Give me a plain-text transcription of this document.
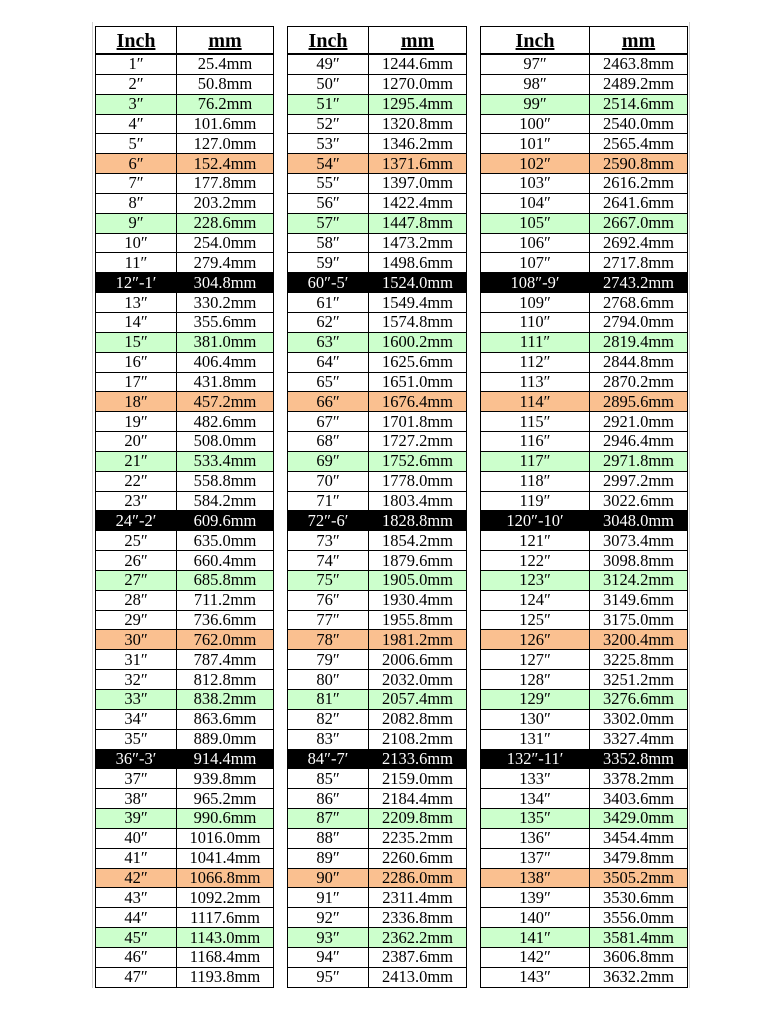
Inch	mm
1″	25.4mm
2″	50.8mm
3″	76.2mm
4″	101.6mm
5″	127.0mm
6″	152.4mm
7″	177.8mm
8″	203.2mm
9″	228.6mm
10″	254.0mm
11″	279.4mm
12″-1′	304.8mm
13″	330.2mm
14″	355.6mm
15″	381.0mm
16″	406.4mm
17″	431.8mm
18″	457.2mm
19″	482.6mm
20″	508.0mm
21″	533.4mm
22″	558.8mm
23″	584.2mm
24″-2′	609.6mm
25″	635.0mm
26″	660.4mm
27″	685.8mm
28″	711.2mm
29″	736.6mm
30″	762.0mm
31″	787.4mm
32″	812.8mm
33″	838.2mm
34″	863.6mm
35″	889.0mm
36″-3′	914.4mm
37″	939.8mm
38″	965.2mm
39″	990.6mm
40″	1016.0mm
41″	1041.4mm
42″	1066.8mm
43″	1092.2mm
44″	1117.6mm
45″	1143.0mm
46″	1168.4mm
47″	1193.8mm
Inch	mm
49″	1244.6mm
50″	1270.0mm
51″	1295.4mm
52″	1320.8mm
53″	1346.2mm
54″	1371.6mm
55″	1397.0mm
56″	1422.4mm
57″	1447.8mm
58″	1473.2mm
59″	1498.6mm
60″-5′	1524.0mm
61″	1549.4mm
62″	1574.8mm
63″	1600.2mm
64″	1625.6mm
65″	1651.0mm
66″	1676.4mm
67″	1701.8mm
68″	1727.2mm
69″	1752.6mm
70″	1778.0mm
71″	1803.4mm
72″-6′	1828.8mm
73″	1854.2mm
74″	1879.6mm
75″	1905.0mm
76″	1930.4mm
77″	1955.8mm
78″	1981.2mm
79″	2006.6mm
80″	2032.0mm
81″	2057.4mm
82″	2082.8mm
83″	2108.2mm
84″-7′	2133.6mm
85″	2159.0mm
86″	2184.4mm
87″	2209.8mm
88″	2235.2mm
89″	2260.6mm
90″	2286.0mm
91″	2311.4mm
92″	2336.8mm
93″	2362.2mm
94″	2387.6mm
95″	2413.0mm
Inch	mm
97″	2463.8mm
98″	2489.2mm
99″	2514.6mm
100″	2540.0mm
101″	2565.4mm
102″	2590.8mm
103″	2616.2mm
104″	2641.6mm
105″	2667.0mm
106″	2692.4mm
107″	2717.8mm
108″-9′	2743.2mm
109″	2768.6mm
110″	2794.0mm
111″	2819.4mm
112″	2844.8mm
113″	2870.2mm
114″	2895.6mm
115″	2921.0mm
116″	2946.4mm
117″	2971.8mm
118″	2997.2mm
119″	3022.6mm
120″-10′	3048.0mm
121″	3073.4mm
122″	3098.8mm
123″	3124.2mm
124″	3149.6mm
125″	3175.0mm
126″	3200.4mm
127″	3225.8mm
128″	3251.2mm
129″	3276.6mm
130″	3302.0mm
131″	3327.4mm
132″-11′	3352.8mm
133″	3378.2mm
134″	3403.6mm
135″	3429.0mm
136″	3454.4mm
137″	3479.8mm
138″	3505.2mm
139″	3530.6mm
140″	3556.0mm
141″	3581.4mm
142″	3606.8mm
143″	3632.2mm
